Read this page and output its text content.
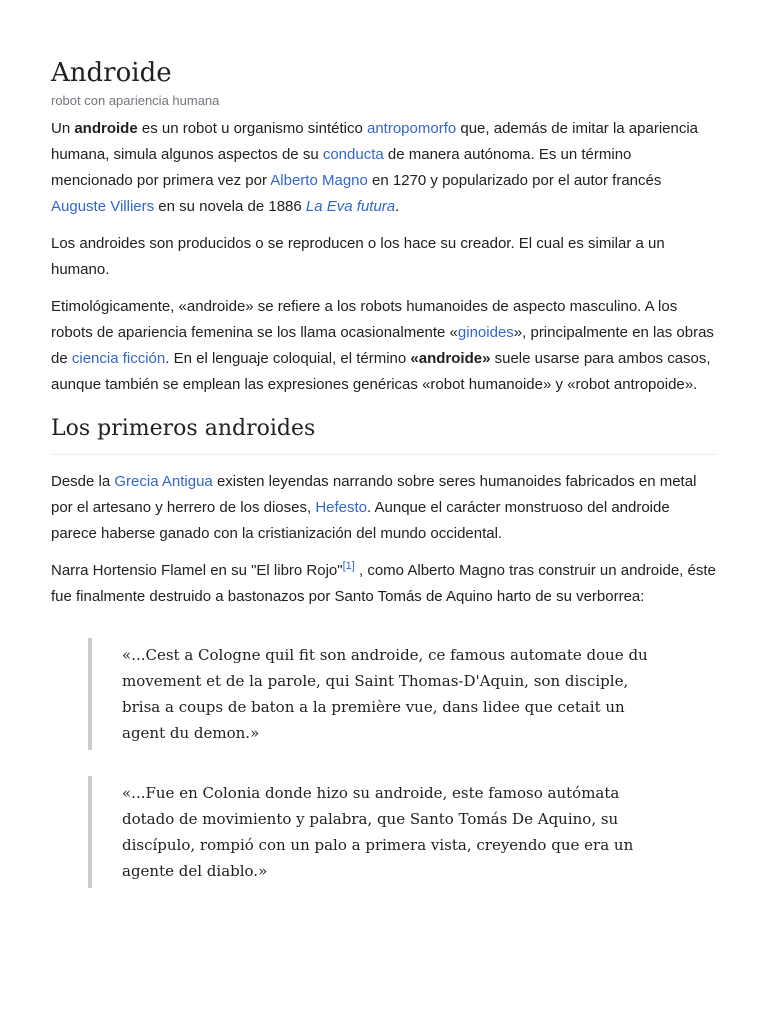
Androide
robot con apariencia humana

Un androide es un robot u organismo sintético antropomorfo que, además de imitar la apariencia humana, simula algunos aspectos de su conducta de manera autónoma. Es un término mencionado por primera vez por Alberto Magno en 1270 y popularizado por el autor francés Auguste Villiers en su novela de 1886 La Eva futura.

Los androides son producidos o se reproducen o los hace su creador. El cual es similar a un humano.

Etimológicamente, «androide» se refiere a los robots humanoides de aspecto masculino. A los robots de apariencia femenina se los llama ocasionalmente «ginoides», principalmente en las obras de ciencia ficción. En el lenguaje coloquial, el término «androide» suele usarse para ambos casos, aunque también se emplean las expresiones genéricas «robot humanoide» y «robot antropoide».

Los primeros androides

Desde la Grecia Antigua existen leyendas narrando sobre seres humanoides fabricados en metal por el artesano y herrero de los dioses, Hefesto. Aunque el carácter monstruoso del androide parece haberse ganado con la cristianización del mundo occidental.

Narra Hortensio Flamel en su "El libro Rojo"[1] , como Alberto Magno tras construir un androide, éste fue finalmente destruido a bastonazos por Santo Tomás de Aquino harto de su verborrea:

«...Cest a Cologne quil fit son androide, ce famous automate doue du movement et de la parole, qui Saint Thomas-D'Aquin, son disciple, brisa a coups de baton a la première vue, dans lidee que cetait un agent du demon.»
«...Fue en Colonia donde hizo su androide, este famoso autómata dotado de movimiento y palabra, que Santo Tomás De Aquino, su discípulo, rompió con un palo a primera vista, creyendo que era un agente del diablo.»
